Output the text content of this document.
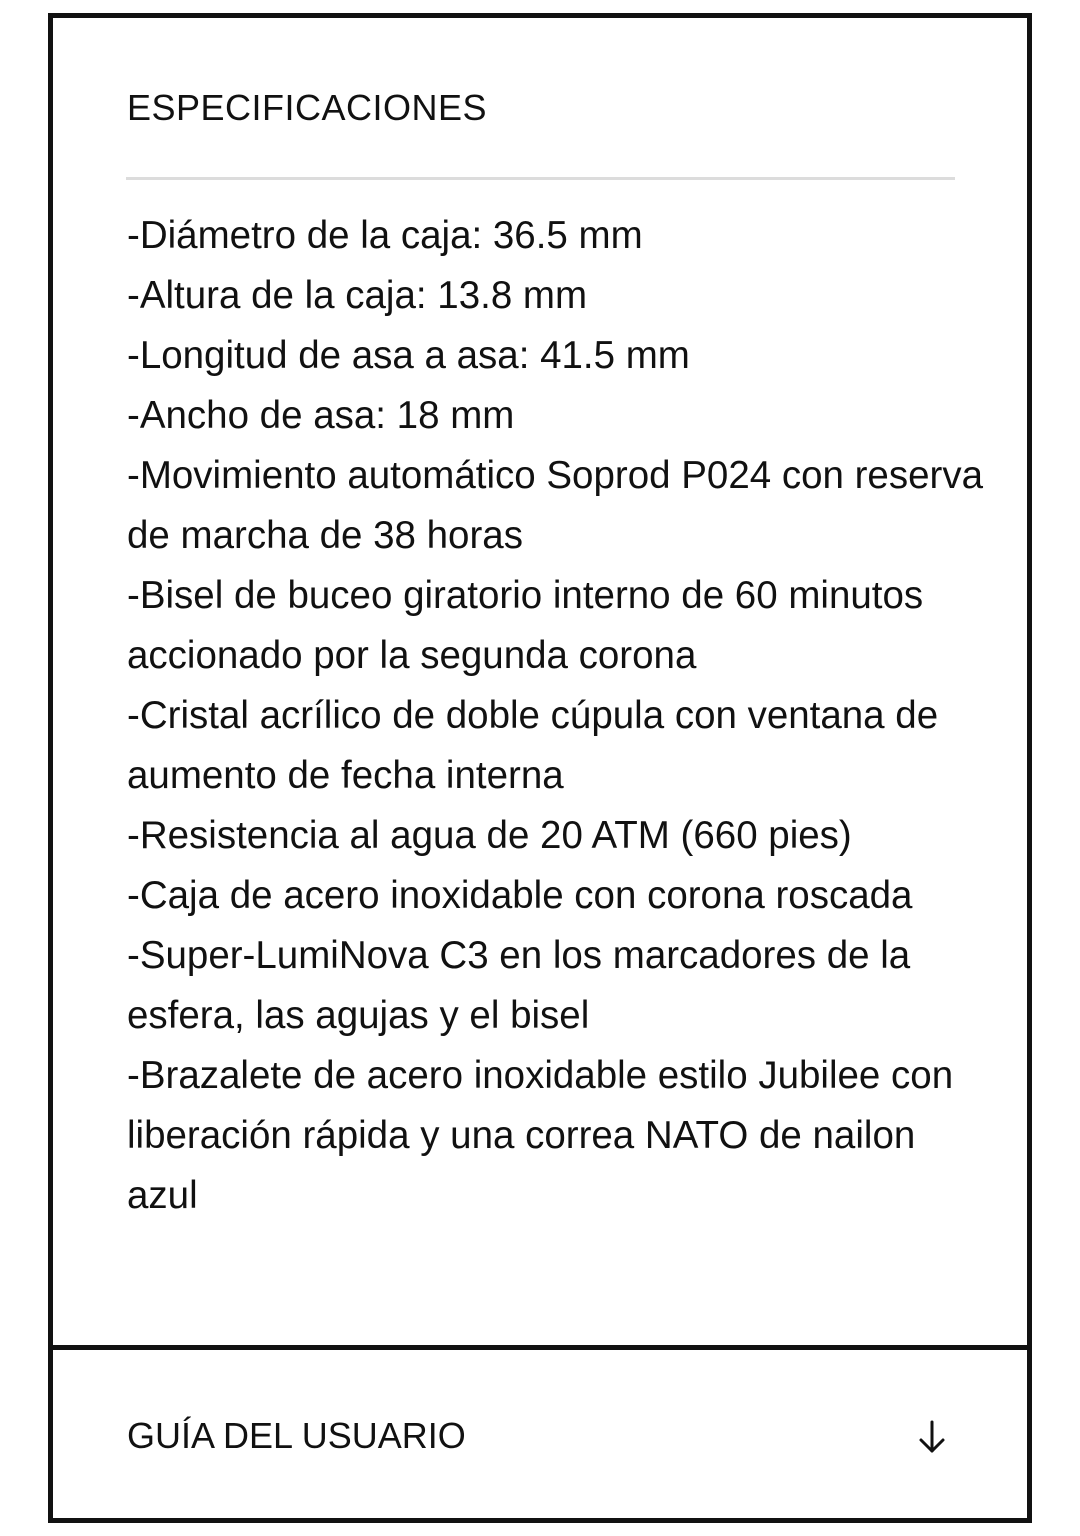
ESPECIFICACIONES
-Diámetro de la caja: 36.5 mm
-Altura de la caja: 13.8 mm
-Longitud de asa a asa: 41.5 mm
-Ancho de asa: 18 mm
-Movimiento automático Soprod P024 con reserva de marcha de 38 horas
-Bisel de buceo giratorio interno de 60 minutos accionado por la segunda corona
-Cristal acrílico de doble cúpula con ventana de aumento de fecha interna
-Resistencia al agua de 20 ATM (660 pies)
-Caja de acero inoxidable con corona roscada
-Super-LumiNova C3 en los marcadores de la esfera, las agujas y el bisel
-Brazalete de acero inoxidable estilo Jubilee con liberación rápida y una correa NATO de nailon azul
GUÍA DEL USUARIO
